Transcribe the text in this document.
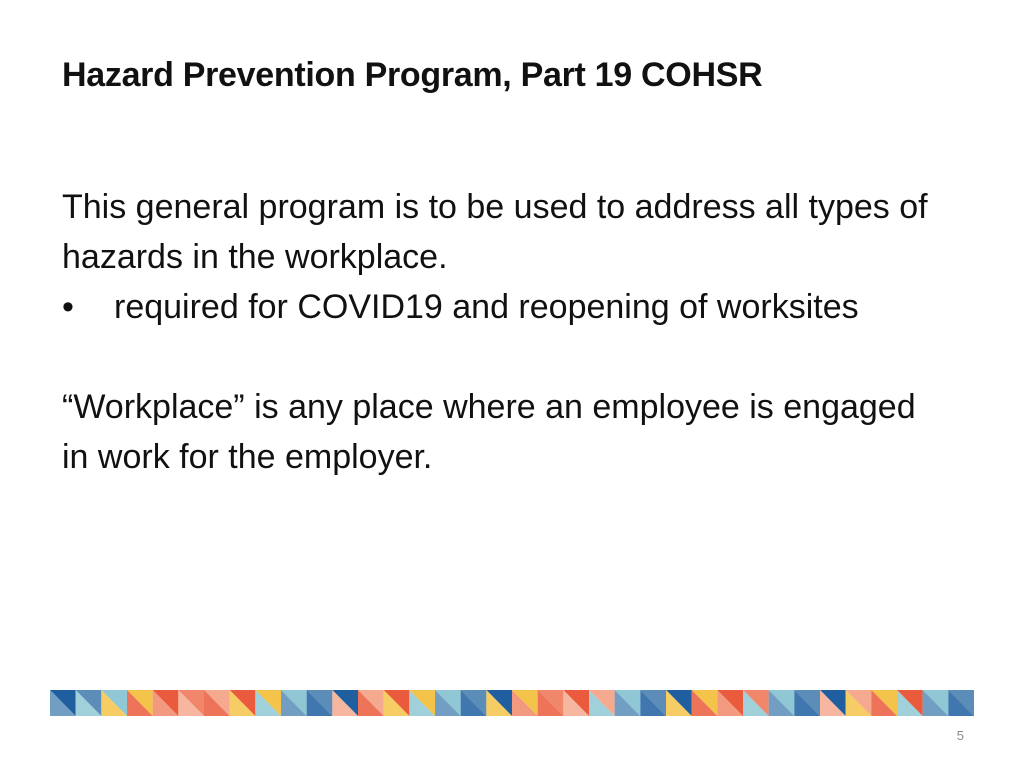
Hazard Prevention Program, Part 19 COHSR

This general program is to be used to address all types of hazards in the workplace.

•	required for COVID19 and reopening of worksites

“Workplace” is any place where an employee is engaged in work for the employer.

5
